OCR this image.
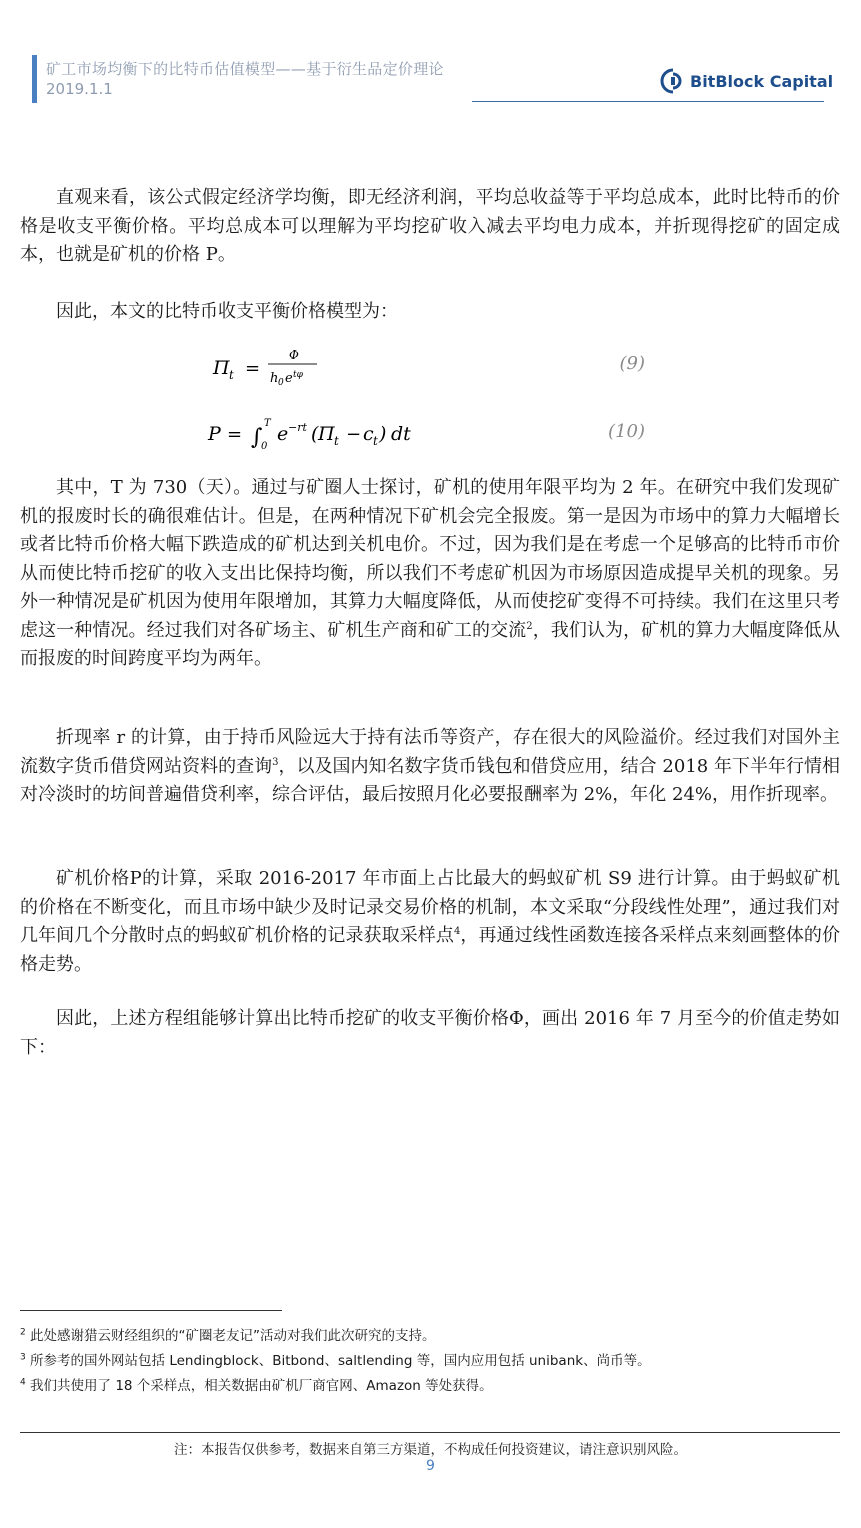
矿工市场均衡下的比特币估值模型——基于衍生品定价理论
2019.1.1	BitBlock Capital

直观来看，该公式假定经济学均衡，即无经济利润，平均总收益等于平均总成本，此时比特币的价格是收支平衡价格。平均总成本可以理解为平均挖矿收入减去平均电力成本，并折现得挖矿的固定成本，也就是矿机的价格 P。

因此，本文的比特币收支平衡价格模型为：

Π t =
Φ
h 0 e tφ
(9)
P = ∫
0
T e −rt ( Π t − c t ) dt	(10)

其中，T 为 730（天）。通过与矿圈人士探讨，矿机的使用年限平均为 2 年。在研究中我们发现矿机的报废时长的确很难估计。但是，在两种情况下矿机会完全报废。第一是因为市场中的算力大幅增长或者比特币价格大幅下跌造成的矿机达到关机电价。不过，因为我们是在考虑一个足够高的比特币市价从而使比特币挖矿的收入支出比保持均衡，所以我们不考虑矿机因为市场原因造成提早关机的现象。另外一种情况是矿机因为使用年限增加，其算力大幅度降低，从而使挖矿变得不可持续。我们在这里只考虑这一种情况。经过我们对各矿场主、矿机生产商和矿工的交流$^2$，我们认为，矿机的算力大幅度降低从而报废的时间跨度平均为两年。

折现率 r 的计算，由于持币风险远大于持有法币等资产，存在很大的风险溢价。经过我们对国外主流数字货币借贷网站资料的查询$^3$，以及国内知名数字货币钱包和借贷应用，结合 2018 年下半年行情相对冷淡时的坊间普遍借贷利率，综合评估，最后按照月化必要报酬率为 2%，年化 24%，用作折现率。

矿机价格P的计算，采取 2016-2017 年市面上占比最大的蚂蚁矿机 S9 进行计算。由于蚂蚁矿机的价格在不断变化，而且市场中缺少及时记录交易价格的机制，本文采取“分段线性处理”，通过我们对几年间几个分散时点的蚂蚁矿机价格的记录获取采样点$^4$，再通过线性函数连接各采样点来刻画整体的价格走势。

因此，上述方程组能够计算出比特币挖矿的收支平衡价格Φ，画出 2016 年 7 月至今的价值走势如下：

$^2$ 此处感谢猎云财经组织的“矿圈老友记”活动对我们此次研究的支持。
$^3$ 所参考的国外网站包括 Lendingblock、Bitbond、saltlending 等，国内应用包括 unibank、尚币等。
$^4$ 我们共使用了 18 个采样点，相关数据由矿机厂商官网、Amazon 等处获得。
注：本报告仅供参考，数据来自第三方渠道，不构成任何投资建议，请注意识别风险。
9
